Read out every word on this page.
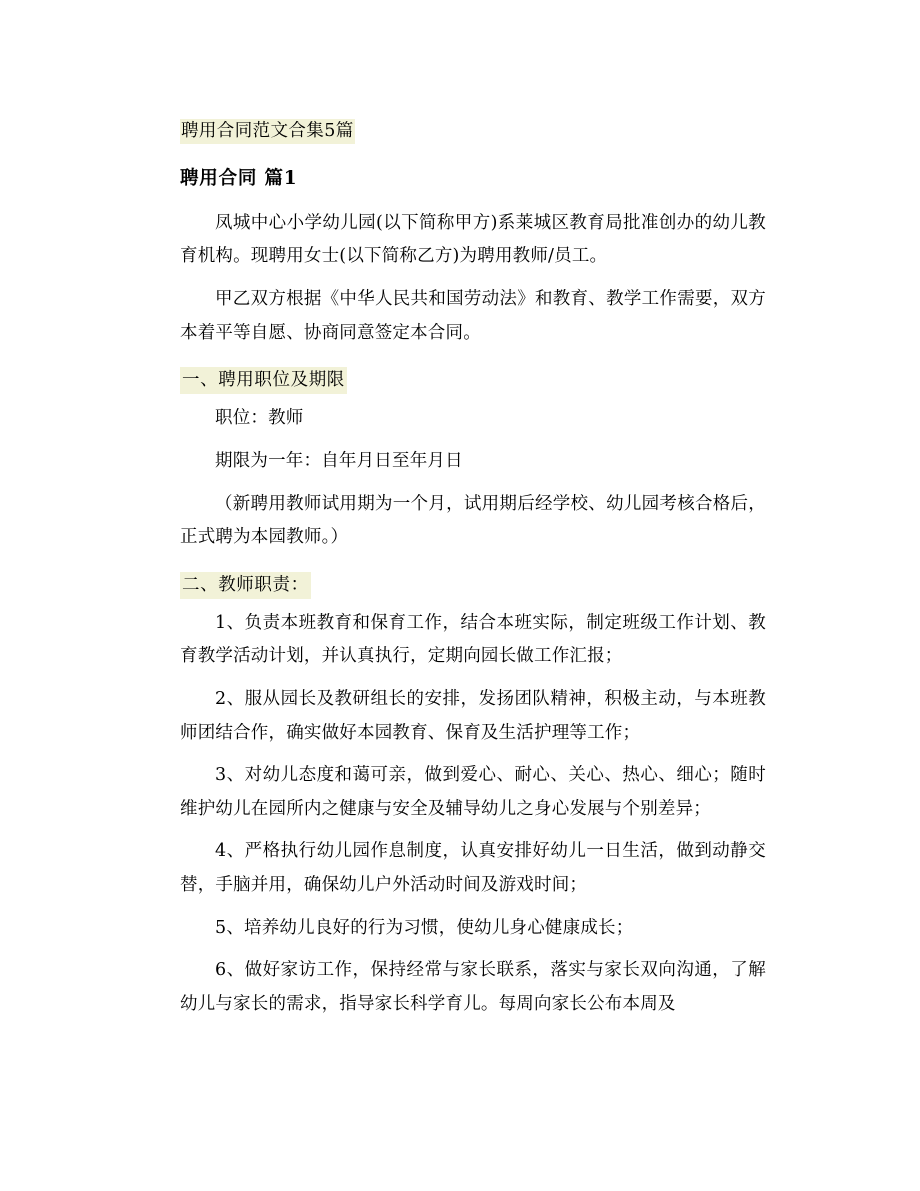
聘用合同范文合集5篇
聘用合同 篇1

凤城中心小学幼儿园(以下简称甲方)系莱城区教育局批准创办的幼儿教育机构。现聘用女士(以下简称乙方)为聘用教师/员工。

甲乙双方根据《中华人民共和国劳动法》和教育、教学工作需要，双方本着平等自愿、协商同意签定本合同。

一、聘用职位及期限

职位：教师

期限为一年：自年月日至年月日

（新聘用教师试用期为一个月，试用期后经学校、幼儿园考核合格后，正式聘为本园教师。）

二、教师职责：

1、负责本班教育和保育工作，结合本班实际，制定班级工作计划、教育教学活动计划，并认真执行，定期向园长做工作汇报；

2、服从园长及教研组长的安排，发扬团队精神，积极主动，与本班教师团结合作，确实做好本园教育、保育及生活护理等工作；

3、对幼儿态度和蔼可亲，做到爱心、耐心、关心、热心、细心；随时维护幼儿在园所内之健康与安全及辅导幼儿之身心发展与个别差异；

4、严格执行幼儿园作息制度，认真安排好幼儿一日生活，做到动静交替，手脑并用，确保幼儿户外活动时间及游戏时间；

5、培养幼儿良好的行为习惯，使幼儿身心健康成长；

6、做好家访工作，保持经常与家长联系，落实与家长双向沟通，了解幼儿与家长的需求，指导家长科学育儿。每周向家长公布本周及
